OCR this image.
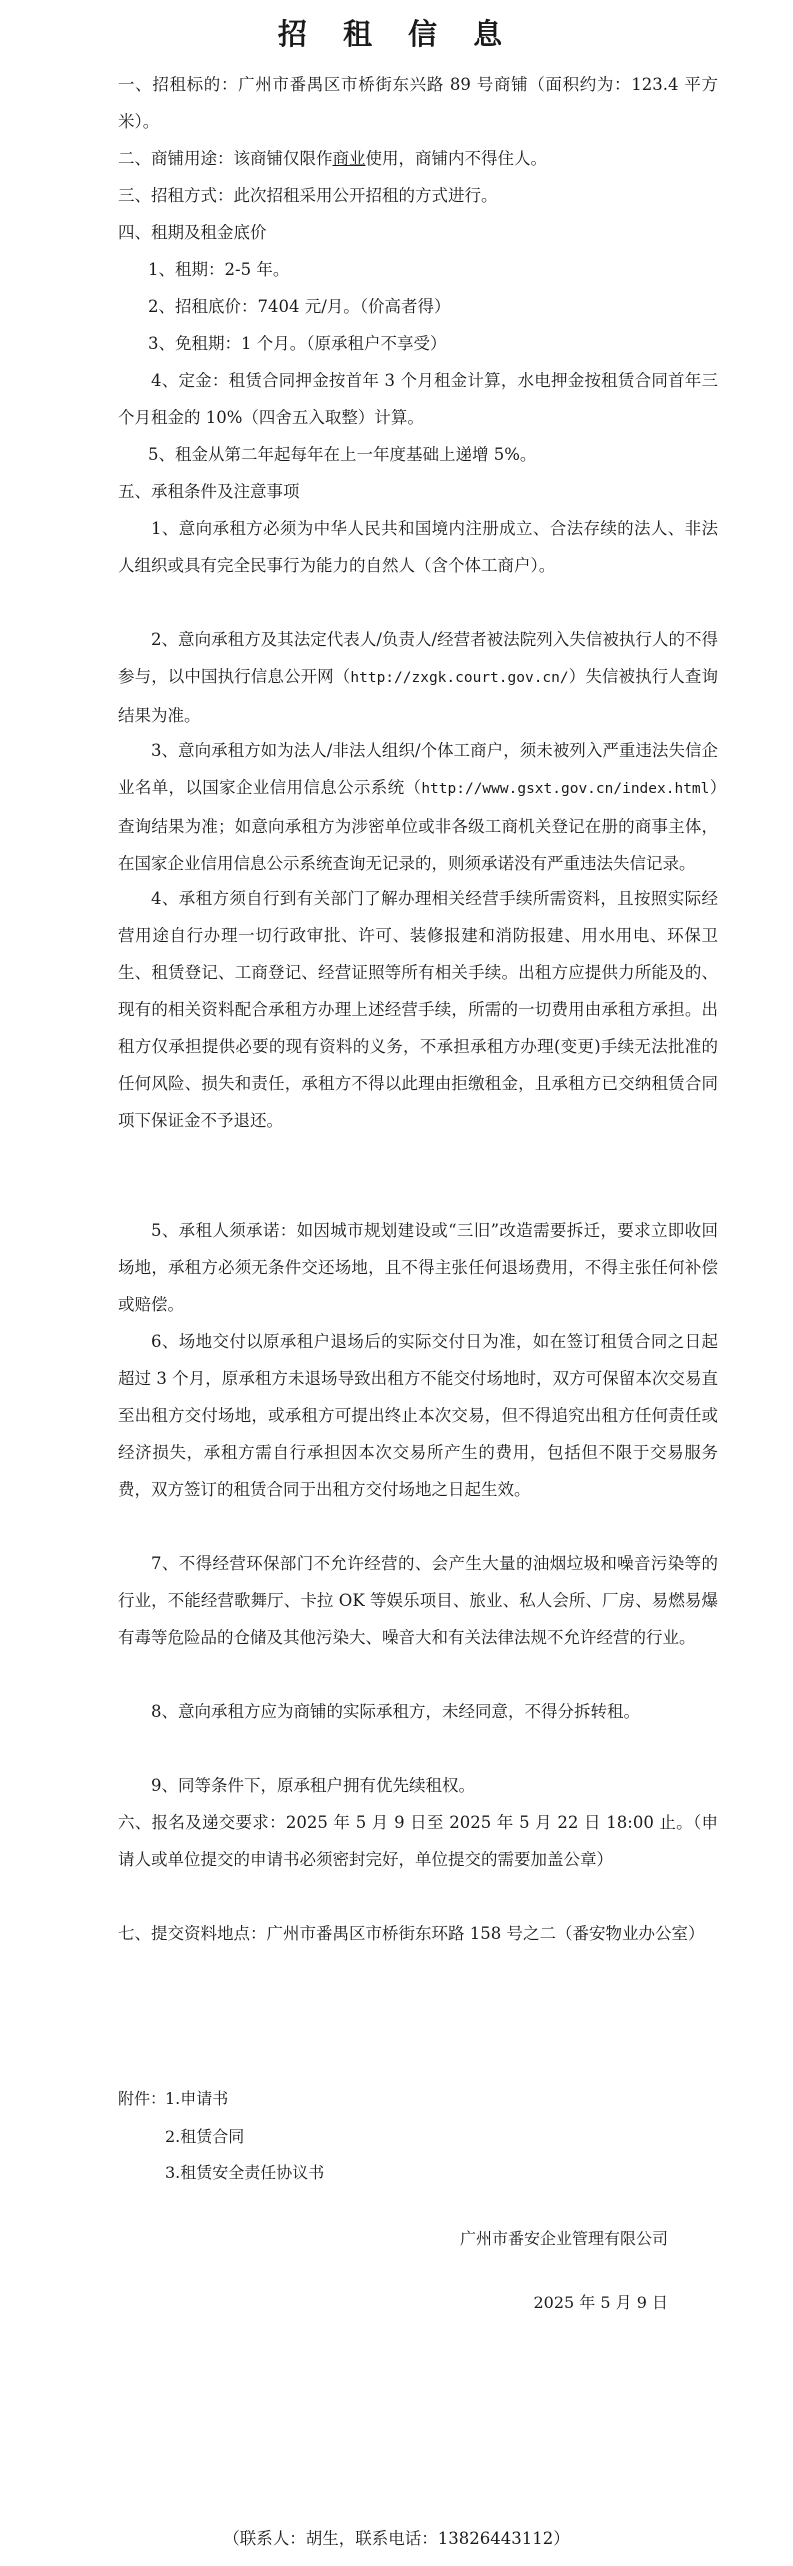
招 租 信 息

一、招租标的：广州市番禺区市桥街东兴路 89 号商铺（面积约为：123.4 平方米）。

二、商铺用途：该商铺仅限作商业使用，商铺内不得住人。

三、招租方式：此次招租采用公开招租的方式进行。

四、租期及租金底价

1、租期：2-5 年。

2、招租底价：7404 元/月。（价高者得）

3、免租期：1 个月。（原承租户不享受）

4、定金：租赁合同押金按首年 3 个月租金计算，水电押金按租赁合同首年三个月租金的 10%（四舍五入取整）计算。

5、租金从第二年起每年在上一年度基础上递增 5%。

五、承租条件及注意事项

1、意向承租方必须为中华人民共和国境内注册成立、合法存续的法人、非法人组织或具有完全民事行为能力的自然人（含个体工商户）。

2、意向承租方及其法定代表人/负责人/经营者被法院列入失信被执行人的不得参与，以中国执行信息公开网（http://zxgk.court.gov.cn/）失信被执行人查询结果为准。

3、意向承租方如为法人/非法人组织/个体工商户，须未被列入严重违法失信企业名单，以国家企业信用信息公示系统（http://www.gsxt.gov.cn/index.html）查询结果为准；如意向承租方为涉密单位或非各级工商机关登记在册的商事主体，在国家企业信用信息公示系统查询无记录的，则须承诺没有严重违法失信记录。

4、承租方须自行到有关部门了解办理相关经营手续所需资料，且按照实际经营用途自行办理一切行政审批、许可、装修报建和消防报建、用水用电、环保卫生、租赁登记、工商登记、经营证照等所有相关手续。出租方应提供力所能及的、现有的相关资料配合承租方办理上述经营手续，所需的一切费用由承租方承担。出租方仅承担提供必要的现有资料的义务，不承担承租方办理(变更)手续无法批准的任何风险、损失和责任，承租方不得以此理由拒缴租金，且承租方已交纳租赁合同项下保证金不予退还。

5、承租人须承诺：如因城市规划建设或“三旧”改造需要拆迁，要求立即收回场地，承租方必须无条件交还场地，且不得主张任何退场费用，不得主张任何补偿或赔偿。

6、场地交付以原承租户退场后的实际交付日为准，如在签订租赁合同之日起超过 3 个月，原承租方未退场导致出租方不能交付场地时，双方可保留本次交易直至出租方交付场地，或承租方可提出终止本次交易，但不得追究出租方任何责任或经济损失，承租方需自行承担因本次交易所产生的费用，包括但不限于交易服务费，双方签订的租赁合同于出租方交付场地之日起生效。

7、不得经营环保部门不允许经营的、会产生大量的油烟垃圾和噪音污染等的行业，不能经营歌舞厅、卡拉 OK 等娱乐项目、旅业、私人会所、厂房、易燃易爆有毒等危险品的仓储及其他污染大、噪音大和有关法律法规不允许经营的行业。

8、意向承租方应为商铺的实际承租方，未经同意，不得分拆转租。

9、同等条件下，原承租户拥有优先续租权。

六、报名及递交要求：2025 年 5 月 9 日至 2025 年 5 月 22 日 18:00 止。（申请人或单位提交的申请书必须密封完好，单位提交的需要加盖公章）

七、提交资料地点：广州市番禺区市桥街东环路 158 号之二（番安物业办公室）

附件：

1.申请书

2.租赁合同

3.租赁安全责任协议书

广州市番安企业管理有限公司

2025 年 5 月 9 日

（联系人：胡生，联系电话：13826443112）
